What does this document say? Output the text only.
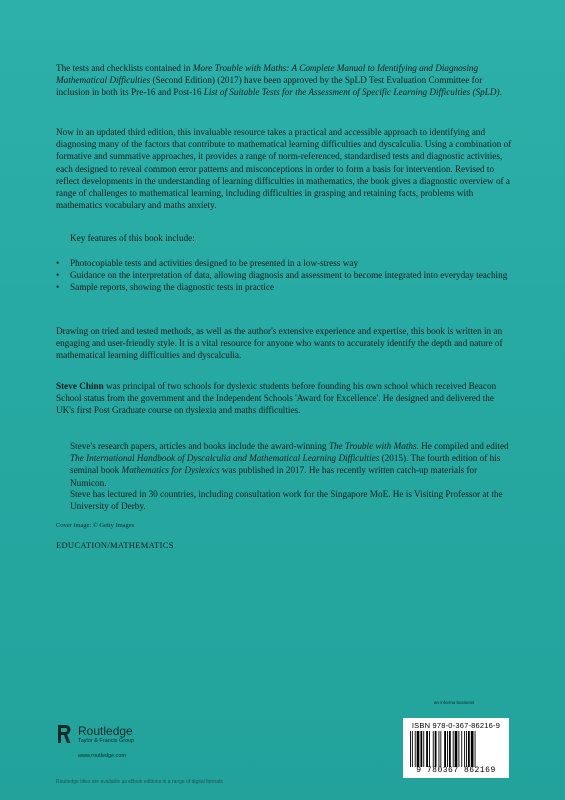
The tests and checklists contained in More Trouble with Maths: A Complete Manual to Identifying and Diagnosing Mathematical Difficulties (Second Edition) (2017) have been approved by the SpLD Test Evaluation Committee for inclusion in both its Pre-16 and Post-16 List of Suitable Tests for the Assessment of Specific Learning Difficulties (SpLD).

Now in an updated third edition, this invaluable resource takes a practical and accessible approach to identifying and diagnosing many of the factors that contribute to mathematical learning difficulties and dyscalculia. Using a combination of formative and summative approaches, it provides a range of norm-referenced, standardised tests and diagnostic activities, each designed to reveal common error patterns and misconceptions in order to form a basis for intervention. Revised to reflect developments in the understanding of learning difficulties in mathematics, the book gives a diagnostic overview of a range of challenges to mathematical learning, including difficulties in grasping and retaining facts, problems with mathematics vocabulary and maths anxiety.

Key features of this book include:

• Photocopiable tests and activities designed to be presented in a low-stress way
• Guidance on the interpretation of data, allowing diagnosis and assessment to become integrated into everyday teaching
• Sample reports, showing the diagnostic tests in practice

Drawing on tried and tested methods, as well as the author's extensive experience and expertise, this book is written in an engaging and user-friendly style. It is a vital resource for anyone who wants to accurately identify the depth and nature of mathematical learning difficulties and dyscalculia.

Steve Chinn was principal of two schools for dyslexic students before founding his own school which received Beacon School status from the government and the Independent Schools 'Award for Excellence'. He designed and delivered the UK's first Post Graduate course on dyslexia and maths difficulties.

Steve's research papers, articles and books include the award-winning The Trouble with Maths. He compiled and edited The International Handbook of Dyscalculia and Mathematical Learning Difficulties (2015). The fourth edition of his seminal book Mathematics for Dyslexics was published in 2017. He has recently written catch-up materials for Numicon.

Steve has lectured in 30 countries, including consultation work for the Singapore MoE. He is Visiting Professor at the University of Derby.

Cover image: © Getty Images
EDUCATION/MATHEMATICS
Routledge
Taylor & Francis Group
www.routledge.com
Routledge titles are available as eBook editions in a range of digital formats
an informa business
ISBN 978-0-367-86216-9
9 780367 862169
